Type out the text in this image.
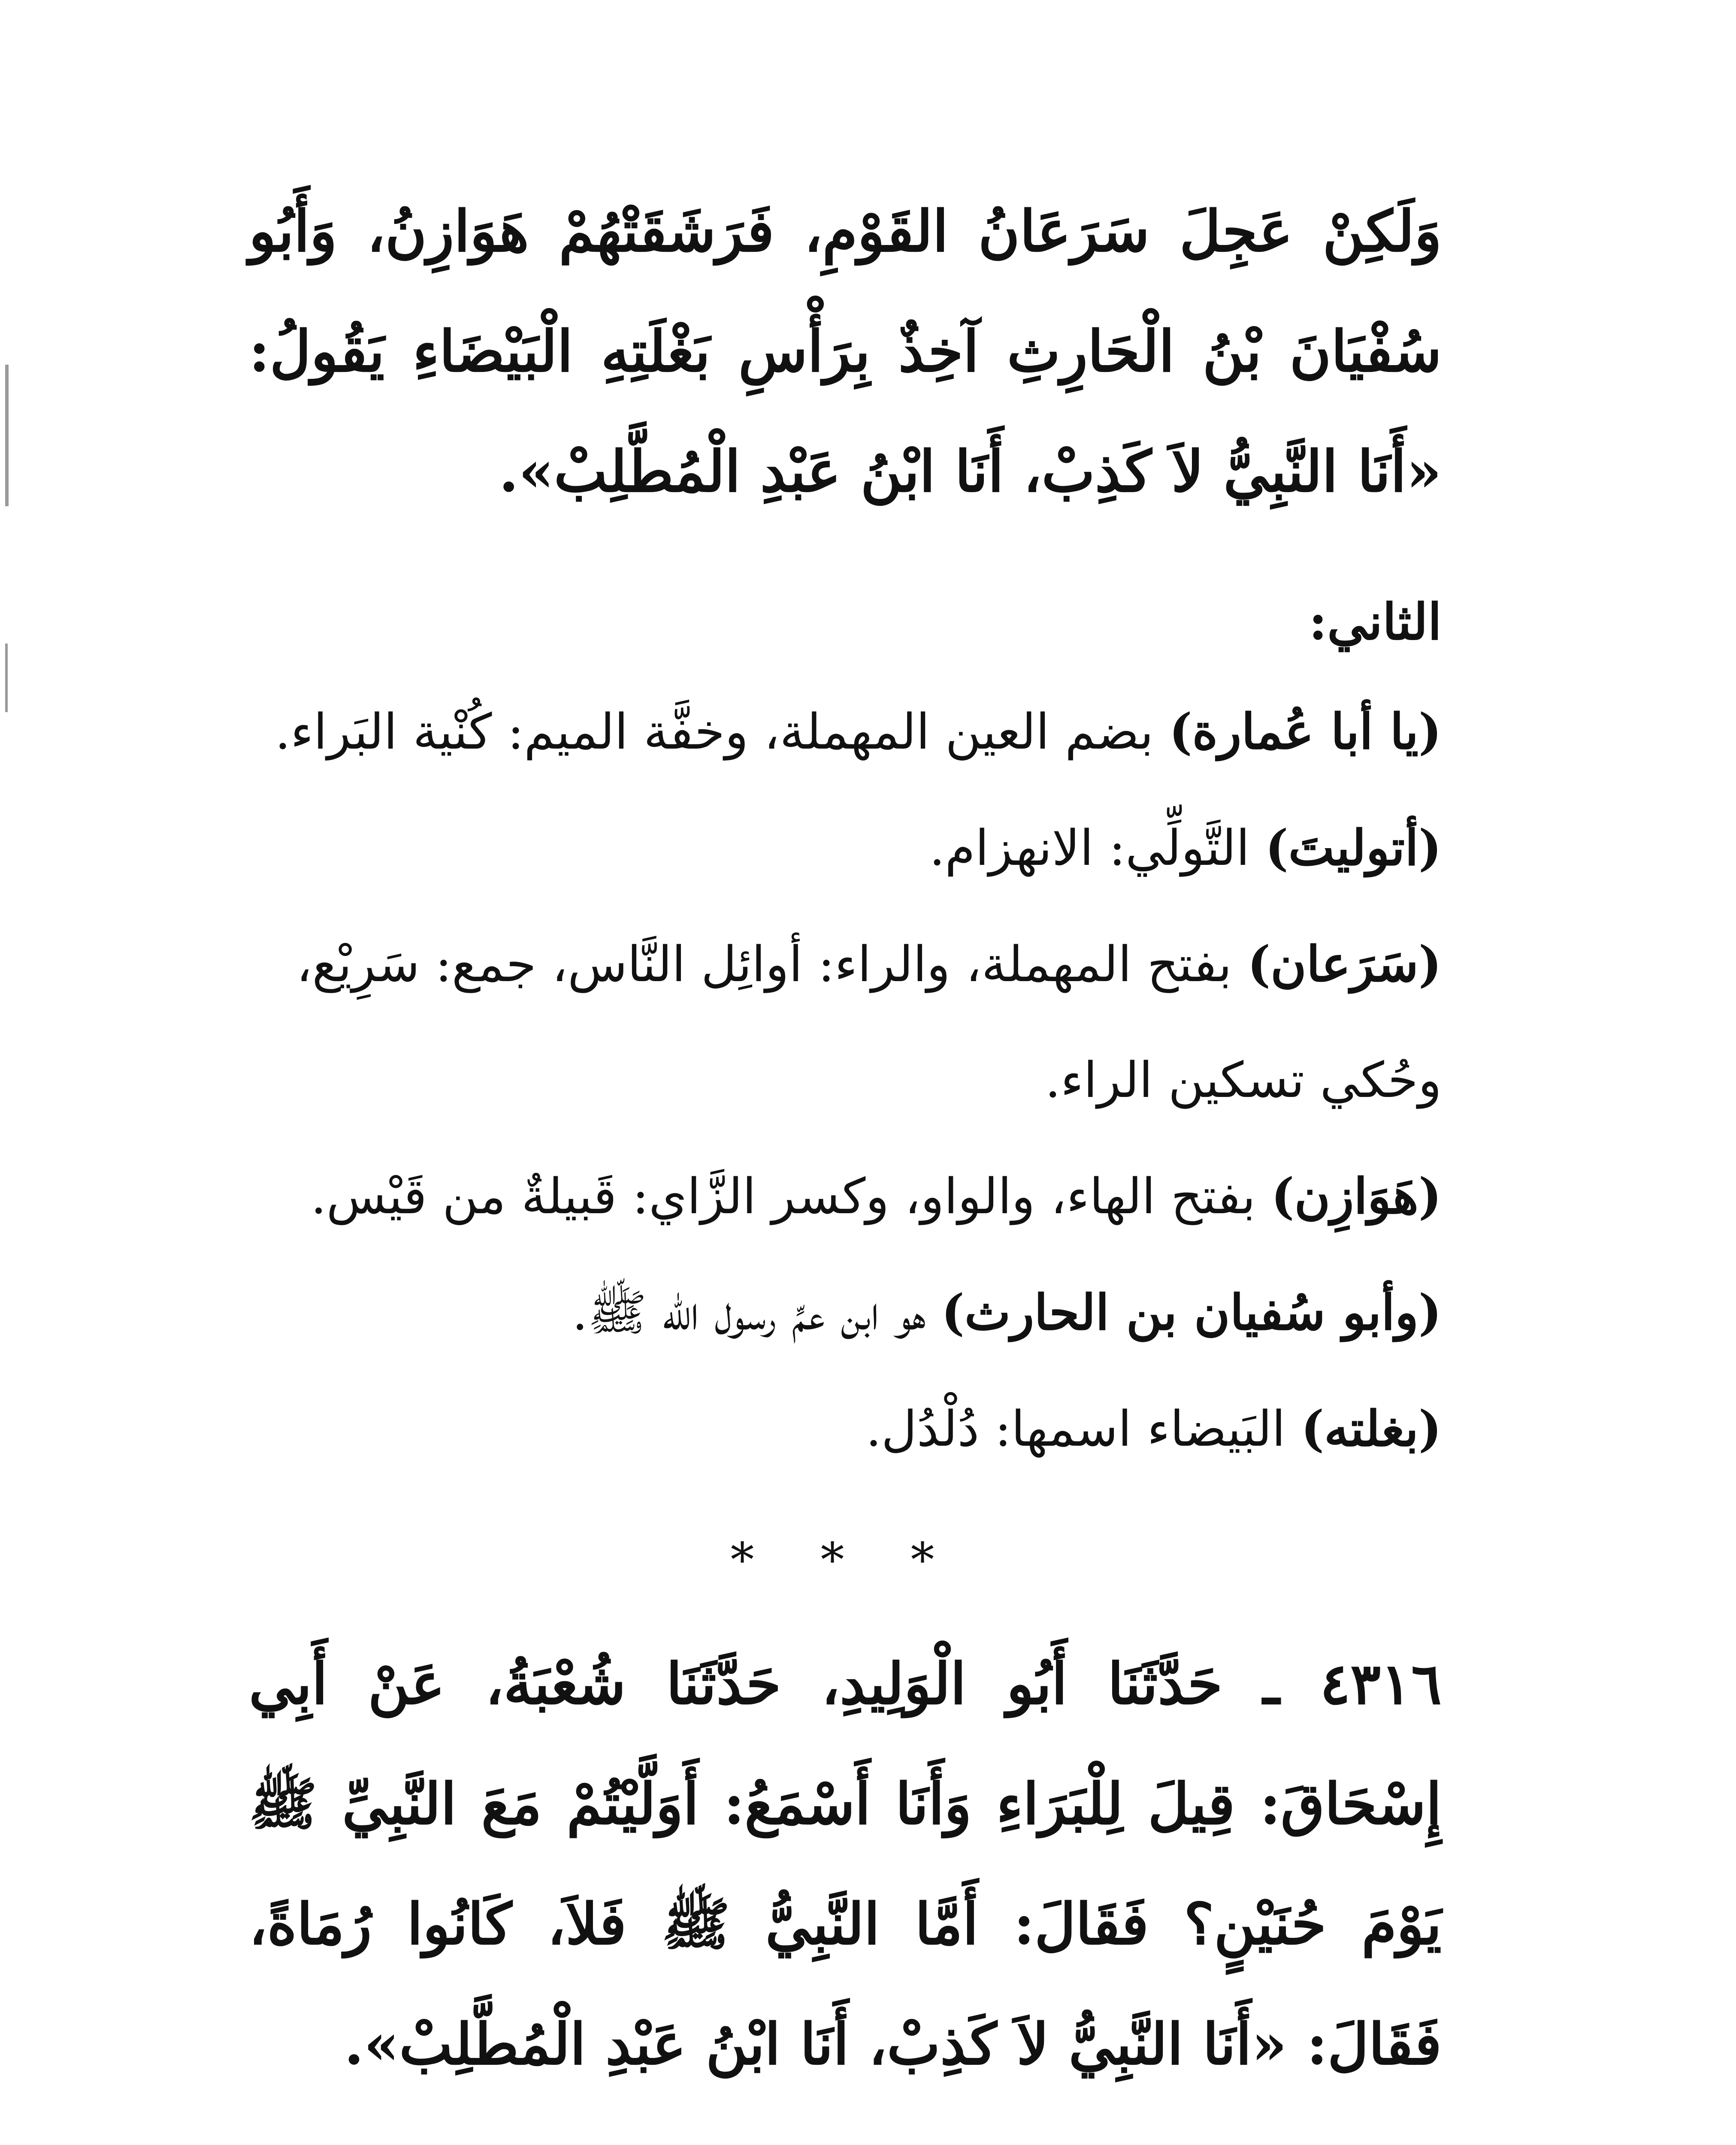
وَلَكِنْ عَجِلَ سَرَعَانُ القَوْمِ، فَرَشَقَتْهُمْ هَوَازِنُ، وَأَبُو سُفْيَانَ بْنُ الْحَارِثِ آخِذٌ بِرَأْسِ بَغْلَتِهِ الْبَيْضَاءِ يَقُولُ: «أَنَا النَّبِيُّ لاَ كَذِبْ، أَنَا ابْنُ عَبْدِ الْمُطَّلِبْ».

الثاني:

(يا أبا عُمارة) بضم العين المهملة، وخفَّة الميم: كُنْية البَراء.

(أتوليتَ) التَّولِّي: الانهزام.

(سَرَعان) بفتح المهملة، والراء: أوائِل النَّاس، جمع: سَرِيْع، وحُكي تسكين الراء.

(هَوَازِن) بفتح الهاء، والواو، وكسر الزَّاي: قَبيلةٌ من قَيْس.

(وأبو سُفيان بن الحارث) هو ابن عمِّ رسول الله ﷺ.

(بغلته) البَيضاء اسمها: دُلْدُل.

* * *

٤٣١٦ ـ حَدَّثَنَا أَبُو الْوَلِيدِ، حَدَّثَنَا شُعْبَةُ، عَنْ أَبِي إِسْحَاقَ: قِيلَ لِلْبَرَاءِ وَأَنَا أَسْمَعُ: أَوَلَّيْتُمْ مَعَ النَّبِيِّ ﷺ يَوْمَ حُنَيْنٍ؟ فَقَالَ: أَمَّا النَّبِيُّ ﷺ فَلاَ، كَانُوا رُمَاةً، فَقَالَ: «أَنَا النَّبِيُّ لاَ كَذِبْ، أَنَا ابْنُ عَبْدِ الْمُطَّلِبْ».
